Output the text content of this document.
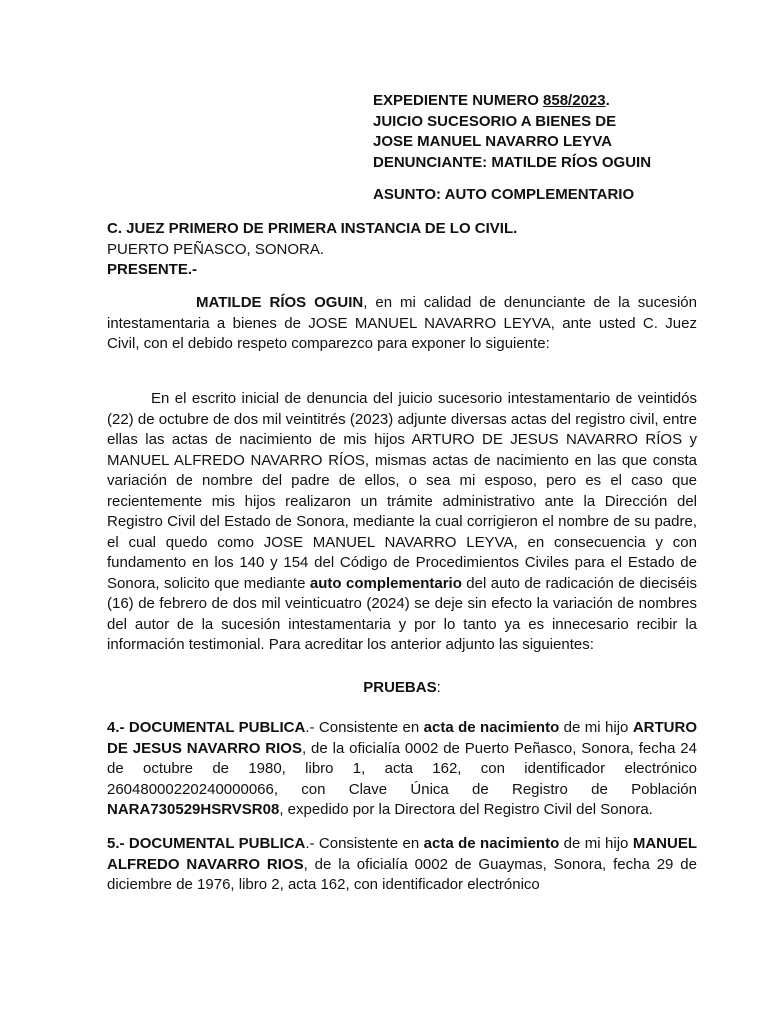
EXPEDIENTE NUMERO 858/2023.
JUICIO SUCESORIO A BIENES DE
JOSE MANUEL NAVARRO LEYVA
DENUNCIANTE: MATILDE RÍOS OGUIN
ASUNTO: AUTO COMPLEMENTARIO
C. JUEZ PRIMERO DE PRIMERA INSTANCIA DE LO CIVIL.
PUERTO PEÑASCO, SONORA.
PRESENTE.-
MATILDE RÍOS OGUIN, en mi calidad de denunciante de la sucesión intestamentaria a bienes de JOSE MANUEL NAVARRO LEYVA, ante usted C. Juez Civil, con el debido respeto comparezco para exponer lo siguiente:
En el escrito inicial de denuncia del juicio sucesorio intestamentario de veintidós (22) de octubre de dos mil veintitrés (2023) adjunte diversas actas del registro civil, entre ellas las actas de nacimiento de mis hijos ARTURO DE JESUS NAVARRO RÍOS y MANUEL ALFREDO NAVARRO RÍOS, mismas actas de nacimiento en las que consta variación de nombre del padre de ellos, o sea mi esposo, pero es el caso que recientemente mis hijos realizaron un trámite administrativo ante la Dirección del Registro Civil del Estado de Sonora, mediante la cual corrigieron el nombre de su padre, el cual quedo como JOSE MANUEL NAVARRO LEYVA, en consecuencia y con fundamento en los 140 y 154 del Código de Procedimientos Civiles para el Estado de Sonora, solicito que mediante auto complementario del auto de radicación de dieciséis (16) de febrero de dos mil veinticuatro (2024) se deje sin efecto la variación de nombres del autor de la sucesión intestamentaria y por lo tanto ya es innecesario recibir la información testimonial. Para acreditar los anterior adjunto las siguientes:
PRUEBAS:
4.- DOCUMENTAL PUBLICA.- Consistente en acta de nacimiento de mi hijo ARTURO DE JESUS NAVARRO RIOS, de la oficialía 0002 de Puerto Peñasco, Sonora, fecha 24 de octubre de 1980, libro 1, acta 162, con identificador electrónico 26048000220240000066, con Clave Única de Registro de Población NARA730529HSRVSR08, expedido por la Directora del Registro Civil del Sonora.
5.- DOCUMENTAL PUBLICA.- Consistente en acta de nacimiento de mi hijo MANUEL ALFREDO NAVARRO RIOS, de la oficialía 0002 de Guaymas, Sonora, fecha 29 de diciembre de 1976, libro 2, acta 162, con identificador electrónico
